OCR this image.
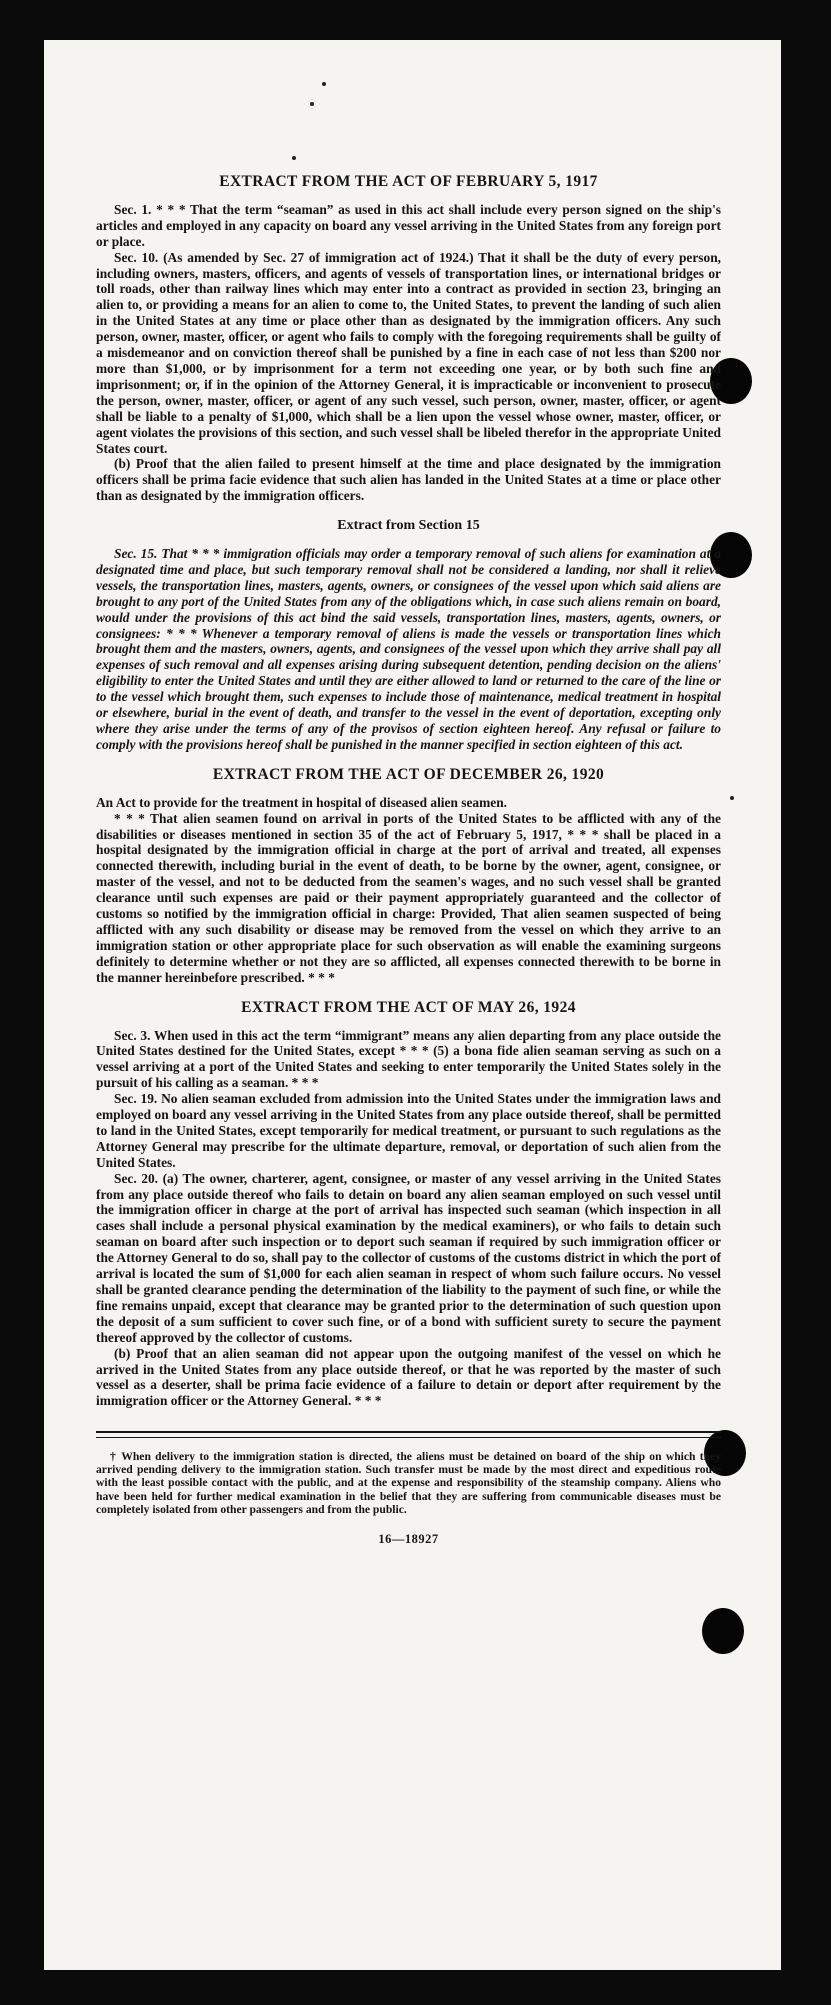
EXTRACT FROM THE ACT OF FEBRUARY 5, 1917

Sec. 1. * * * That the term “seaman” as used in this act shall include every person signed on the ship's articles and employed in any capacity on board any vessel arriving in the United States from any foreign port or place.

Sec. 10. (As amended by Sec. 27 of immigration act of 1924.) That it shall be the duty of every person, including owners, masters, officers, and agents of vessels of transportation lines, or international bridges or toll roads, other than railway lines which may enter into a contract as provided in section 23, bringing an alien to, or providing a means for an alien to come to, the United States, to prevent the landing of such alien in the United States at any time or place other than as designated by the immigration officers. Any such person, owner, master, officer, or agent who fails to comply with the foregoing requirements shall be guilty of a misdemeanor and on conviction thereof shall be punished by a fine in each case of not less than $200 nor more than $1,000, or by imprisonment for a term not exceeding one year, or by both such fine and imprisonment; or, if in the opinion of the Attorney General, it is impracticable or inconvenient to prosecute the person, owner, master, officer, or agent of any such vessel, such person, owner, master, officer, or agent shall be liable to a penalty of $1,000, which shall be a lien upon the vessel whose owner, master, officer, or agent violates the provisions of this section, and such vessel shall be libeled therefor in the appropriate United States court.

(b) Proof that the alien failed to present himself at the time and place designated by the immigration officers shall be prima facie evidence that such alien has landed in the United States at a time or place other than as designated by the immigration officers.

Extract from Section 15

Sec. 15. That * * * immigration officials may order a temporary removal of such aliens for examination at a designated time and place, but such temporary removal shall not be considered a landing, nor shall it relieve vessels, the transportation lines, masters, agents, owners, or consignees of the vessel upon which said aliens are brought to any port of the United States from any of the obligations which, in case such aliens remain on board, would under the provisions of this act bind the said vessels, transportation lines, masters, agents, owners, or consignees: * * * Whenever a temporary removal of aliens is made the vessels or transportation lines which brought them and the masters, owners, agents, and consignees of the vessel upon which they arrive shall pay all expenses of such removal and all expenses arising during subsequent detention, pending decision on the aliens' eligibility to enter the United States and until they are either allowed to land or returned to the care of the line or to the vessel which brought them, such expenses to include those of maintenance, medical treatment in hospital or elsewhere, burial in the event of death, and transfer to the vessel in the event of deportation, excepting only where they arise under the terms of any of the provisos of section eighteen hereof. Any refusal or failure to comply with the provisions hereof shall be punished in the manner specified in section eighteen of this act.

EXTRACT FROM THE ACT OF DECEMBER 26, 1920

An Act to provide for the treatment in hospital of diseased alien seamen.

* * * That alien seamen found on arrival in ports of the United States to be afflicted with any of the disabilities or diseases mentioned in section 35 of the act of February 5, 1917, * * * shall be placed in a hospital designated by the immigration official in charge at the port of arrival and treated, all expenses connected therewith, including burial in the event of death, to be borne by the owner, agent, consignee, or master of the vessel, and not to be deducted from the seamen's wages, and no such vessel shall be granted clearance until such expenses are paid or their payment appropriately guaranteed and the collector of customs so notified by the immigration official in charge: Provided, That alien seamen suspected of being afflicted with any such disability or disease may be removed from the vessel on which they arrive to an immigration station or other appropriate place for such observation as will enable the examining surgeons definitely to determine whether or not they are so afflicted, all expenses connected therewith to be borne in the manner hereinbefore prescribed. * * *

EXTRACT FROM THE ACT OF MAY 26, 1924

Sec. 3. When used in this act the term “immigrant” means any alien departing from any place outside the United States destined for the United States, except * * * (5) a bona fide alien seaman serving as such on a vessel arriving at a port of the United States and seeking to enter temporarily the United States solely in the pursuit of his calling as a seaman. * * *

Sec. 19. No alien seaman excluded from admission into the United States under the immigration laws and employed on board any vessel arriving in the United States from any place outside thereof, shall be permitted to land in the United States, except temporarily for medical treatment, or pursuant to such regulations as the Attorney General may prescribe for the ultimate departure, removal, or deportation of such alien from the United States.

Sec. 20. (a) The owner, charterer, agent, consignee, or master of any vessel arriving in the United States from any place outside thereof who fails to detain on board any alien seaman employed on such vessel until the immigration officer in charge at the port of arrival has inspected such seaman (which inspection in all cases shall include a personal physical examination by the medical examiners), or who fails to detain such seaman on board after such inspection or to deport such seaman if required by such immigration officer or the Attorney General to do so, shall pay to the collector of customs of the customs district in which the port of arrival is located the sum of $1,000 for each alien seaman in respect of whom such failure occurs. No vessel shall be granted clearance pending the determination of the liability to the payment of such fine, or while the fine remains unpaid, except that clearance may be granted prior to the determination of such question upon the deposit of a sum sufficient to cover such fine, or of a bond with sufficient surety to secure the payment thereof approved by the collector of customs.

(b) Proof that an alien seaman did not appear upon the outgoing manifest of the vessel on which he arrived in the United States from any place outside thereof, or that he was reported by the master of such vessel as a deserter, shall be prima facie evidence of a failure to detain or deport after requirement by the immigration officer or the Attorney General. * * *

† When delivery to the immigration station is directed, the aliens must be detained on board of the ship on which they arrived pending delivery to the immigration station. Such transfer must be made by the most direct and expeditious route with the least possible contact with the public, and at the expense and responsibility of the steamship company. Aliens who have been held for further medical examination in the belief that they are suffering from communicable diseases must be completely isolated from other passengers and from the public.

16—18927
